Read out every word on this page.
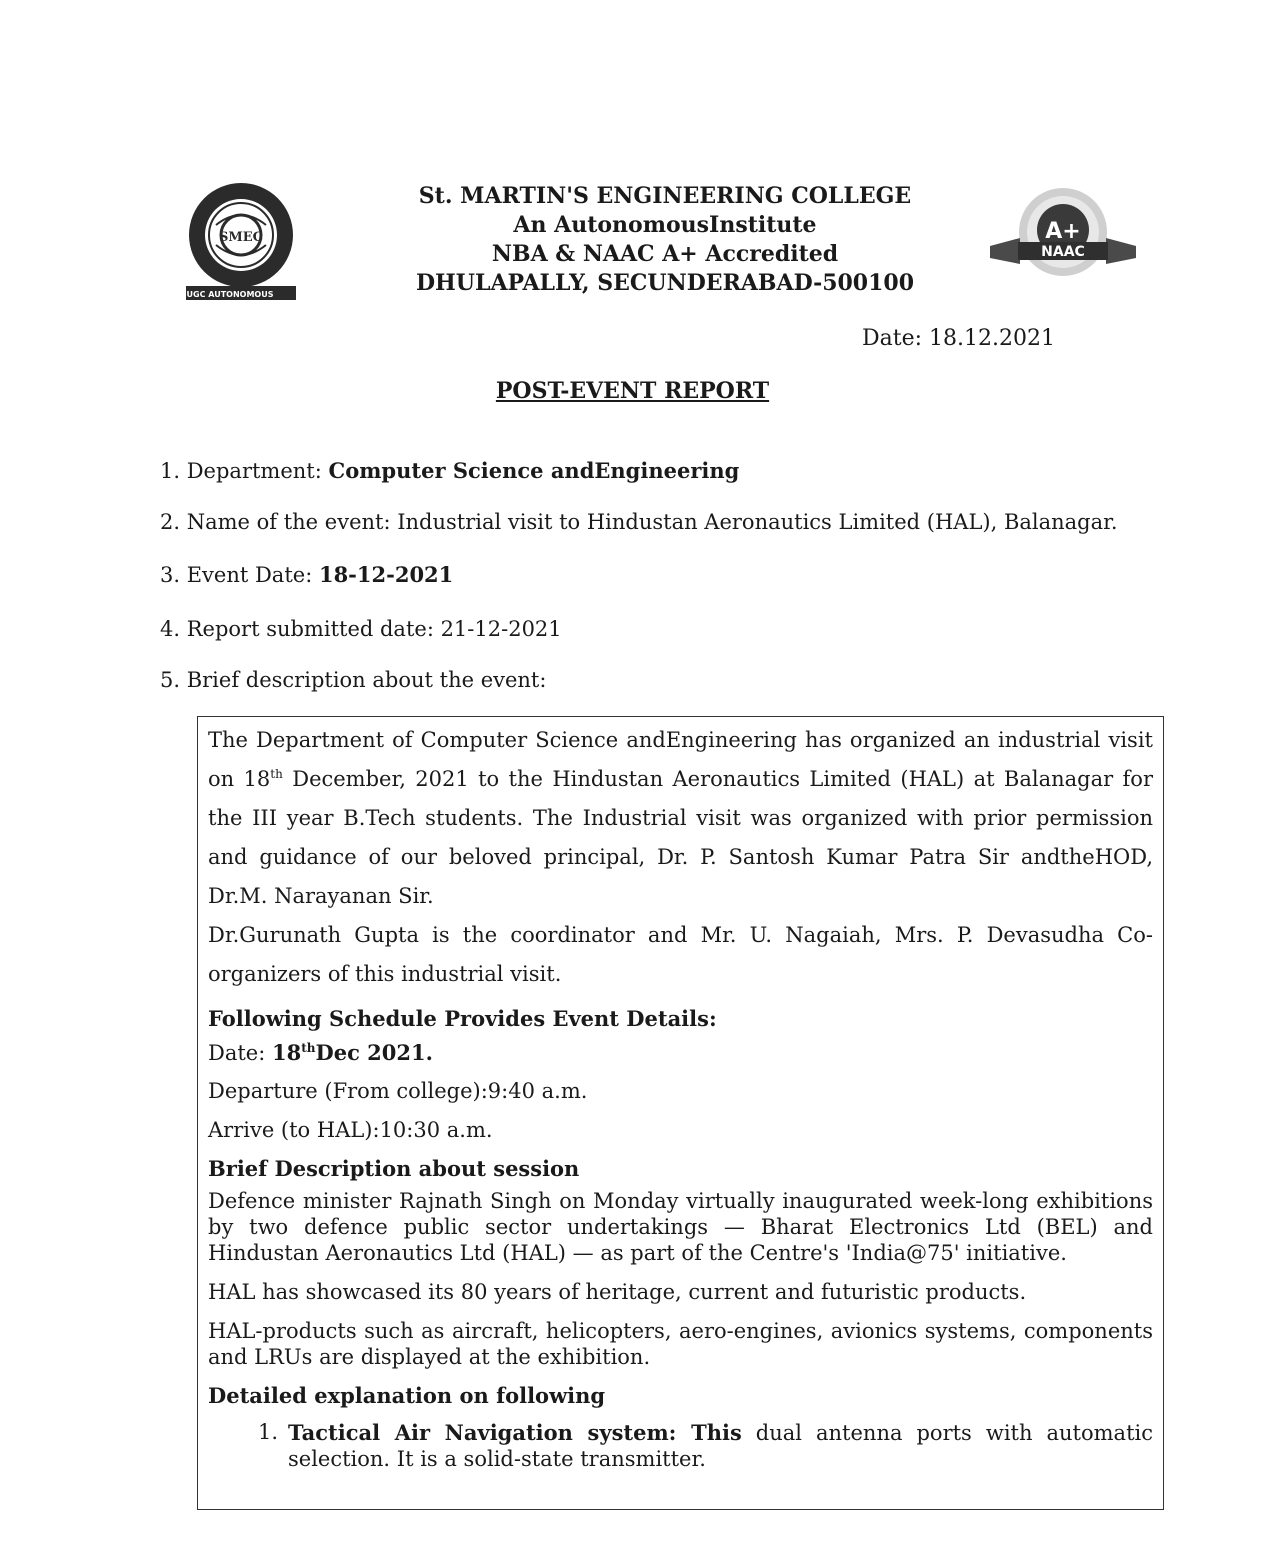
SMEC
UGC AUTONOMOUS
St. MARTIN'S ENGINEERING COLLEGE
An AutonomousInstitute
NBA & NAAC A+ Accredited
DHULAPALLY, SECUNDERABAD-500100
A+
NAAC
Date: 18.12.2021
POST-EVENT REPORT
1. Department: Computer Science andEngineering
2. Name of the event: Industrial visit to Hindustan Aeronautics Limited (HAL), Balanagar.
3. Event Date: 18-12-2021
4. Report submitted date: 21-12-2021
5. Brief description about the event:

The Department of Computer Science andEngineering has organized an industrial visit on 18th December, 2021 to the Hindustan Aeronautics Limited (HAL) at Balanagar for the III year B.Tech students. The Industrial visit was organized with prior permission and guidance of our beloved principal, Dr. P. Santosh Kumar Patra Sir andtheHOD, Dr.M. Narayanan Sir.

Dr.Gurunath Gupta is the coordinator and Mr. U. Nagaiah, Mrs. P. Devasudha Co-organizers of this industrial visit.

Following Schedule Provides Event Details:

Date: 18thDec 2021.

Departure (From college):9:40 a.m.

Arrive (to HAL):10:30 a.m.

Brief Description about session

Defence minister Rajnath Singh on Monday virtually inaugurated week-long exhibitions by two defence public sector undertakings — Bharat Electronics Ltd (BEL) and Hindustan Aeronautics Ltd (HAL) — as part of the Centre's 'India@75' initiative.

HAL has showcased its 80 years of heritage, current and futuristic products.

HAL-products such as aircraft, helicopters, aero-engines, avionics systems, components and LRUs are displayed at the exhibition.

Detailed explanation on following

1. Tactical Air Navigation system: This dual antenna ports with automatic selection. It is a solid-state transmitter.
